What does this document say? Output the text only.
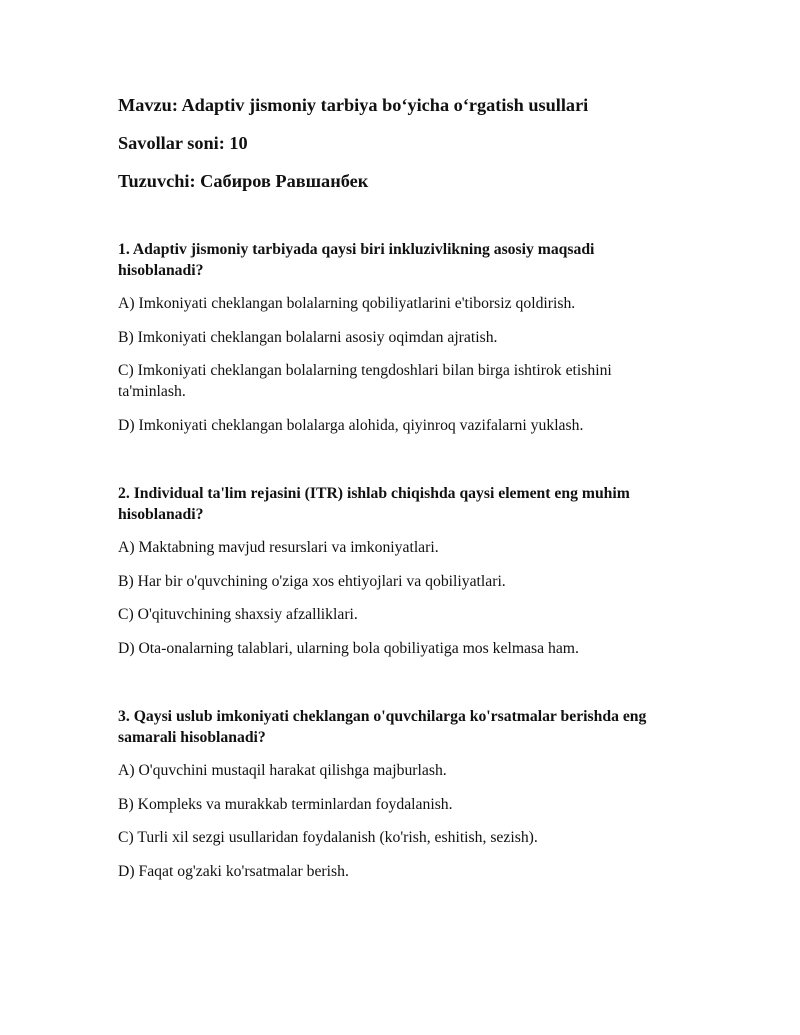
Mavzu: Adaptiv jismoniy tarbiya bo‘yicha o‘rgatish usullari

Savollar soni: 10

Tuzuvchi: Сабиров Равшанбек

1. Adaptiv jismoniy tarbiyada qaysi biri inkluzivlikning asosiy maqsadi hisoblanadi?

A) Imkoniyati cheklangan bolalarning qobiliyatlarini e'tiborsiz qoldirish.

B) Imkoniyati cheklangan bolalarni asosiy oqimdan ajratish.

C) Imkoniyati cheklangan bolalarning tengdoshlari bilan birga ishtirok etishini ta'minlash.

D) Imkoniyati cheklangan bolalarga alohida, qiyinroq vazifalarni yuklash.

2. Individual ta'lim rejasini (ITR) ishlab chiqishda qaysi element eng muhim hisoblanadi?

A) Maktabning mavjud resurslari va imkoniyatlari.

B) Har bir o'quvchining o'ziga xos ehtiyojlari va qobiliyatlari.

C) O'qituvchining shaxsiy afzalliklari.

D) Ota-onalarning talablari, ularning bola qobiliyatiga mos kelmasa ham.

3. Qaysi uslub imkoniyati cheklangan o'quvchilarga ko'rsatmalar berishda eng samarali hisoblanadi?

A) O'quvchini mustaqil harakat qilishga majburlash.

B) Kompleks va murakkab terminlardan foydalanish.

C) Turli xil sezgi usullaridan foydalanish (ko'rish, eshitish, sezish).

D) Faqat og'zaki ko'rsatmalar berish.
